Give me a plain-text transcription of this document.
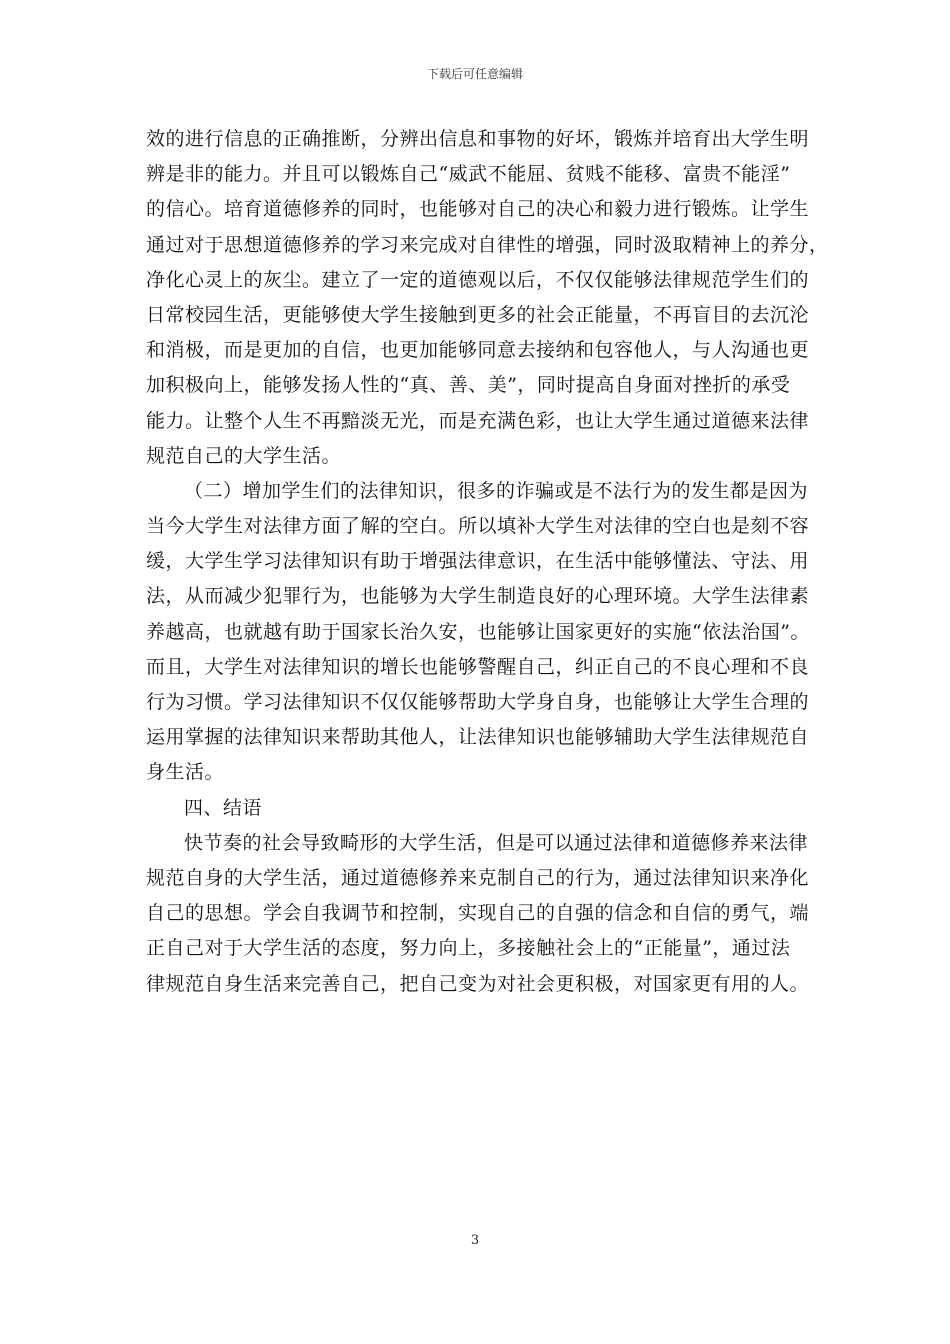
下载后可任意编辑
效的进行信息的正确推断，分辨出信息和事物的好坏，锻炼并培育出大学生明
辨是非的能力。并且可以锻炼自己“威武不能屈、贫贱不能移、富贵不能淫”
的信心。培育道德修养的同时，也能够对自己的决心和毅力进行锻炼。让学生
通过对于思想道德修养的学习来完成对自律性的增强，同时汲取精神上的养分，
净化心灵上的灰尘。建立了一定的道德观以后，不仅仅能够法律规范学生们的
日常校园生活，更能够使大学生接触到更多的社会正能量，不再盲目的去沉沦
和消极，而是更加的自信，也更加能够同意去接纳和包容他人，与人沟通也更
加积极向上，能够发扬人性的“真、善、美”，同时提高自身面对挫折的承受
能力。让整个人生不再黯淡无光，而是充满色彩，也让大学生通过道德来法律
规范自己的大学生活。
（二）增加学生们的法律知识，很多的诈骗或是不法行为的发生都是因为
当今大学生对法律方面了解的空白。所以填补大学生对法律的空白也是刻不容
缓，大学生学习法律知识有助于增强法律意识，在生活中能够懂法、守法、用
法，从而减少犯罪行为，也能够为大学生制造良好的心理环境。大学生法律素
养越高，也就越有助于国家长治久安，也能够让国家更好的实施“依法治国”。
而且，大学生对法律知识的增长也能够警醒自己，纠正自己的不良心理和不良
行为习惯。学习法律知识不仅仅能够帮助大学身自身，也能够让大学生合理的
运用掌握的法律知识来帮助其他人，让法律知识也能够辅助大学生法律规范自
身生活。
四、结语
快节奏的社会导致畸形的大学生活，但是可以通过法律和道德修养来法律
规范自身的大学生活，通过道德修养来克制自己的行为，通过法律知识来净化
自己的思想。学会自我调节和控制，实现自己的自强的信念和自信的勇气，端
正自己对于大学生活的态度，努力向上，多接触社会上的“正能量”，通过法
律规范自身生活来完善自己，把自己变为对社会更积极，对国家更有用的人。
3
